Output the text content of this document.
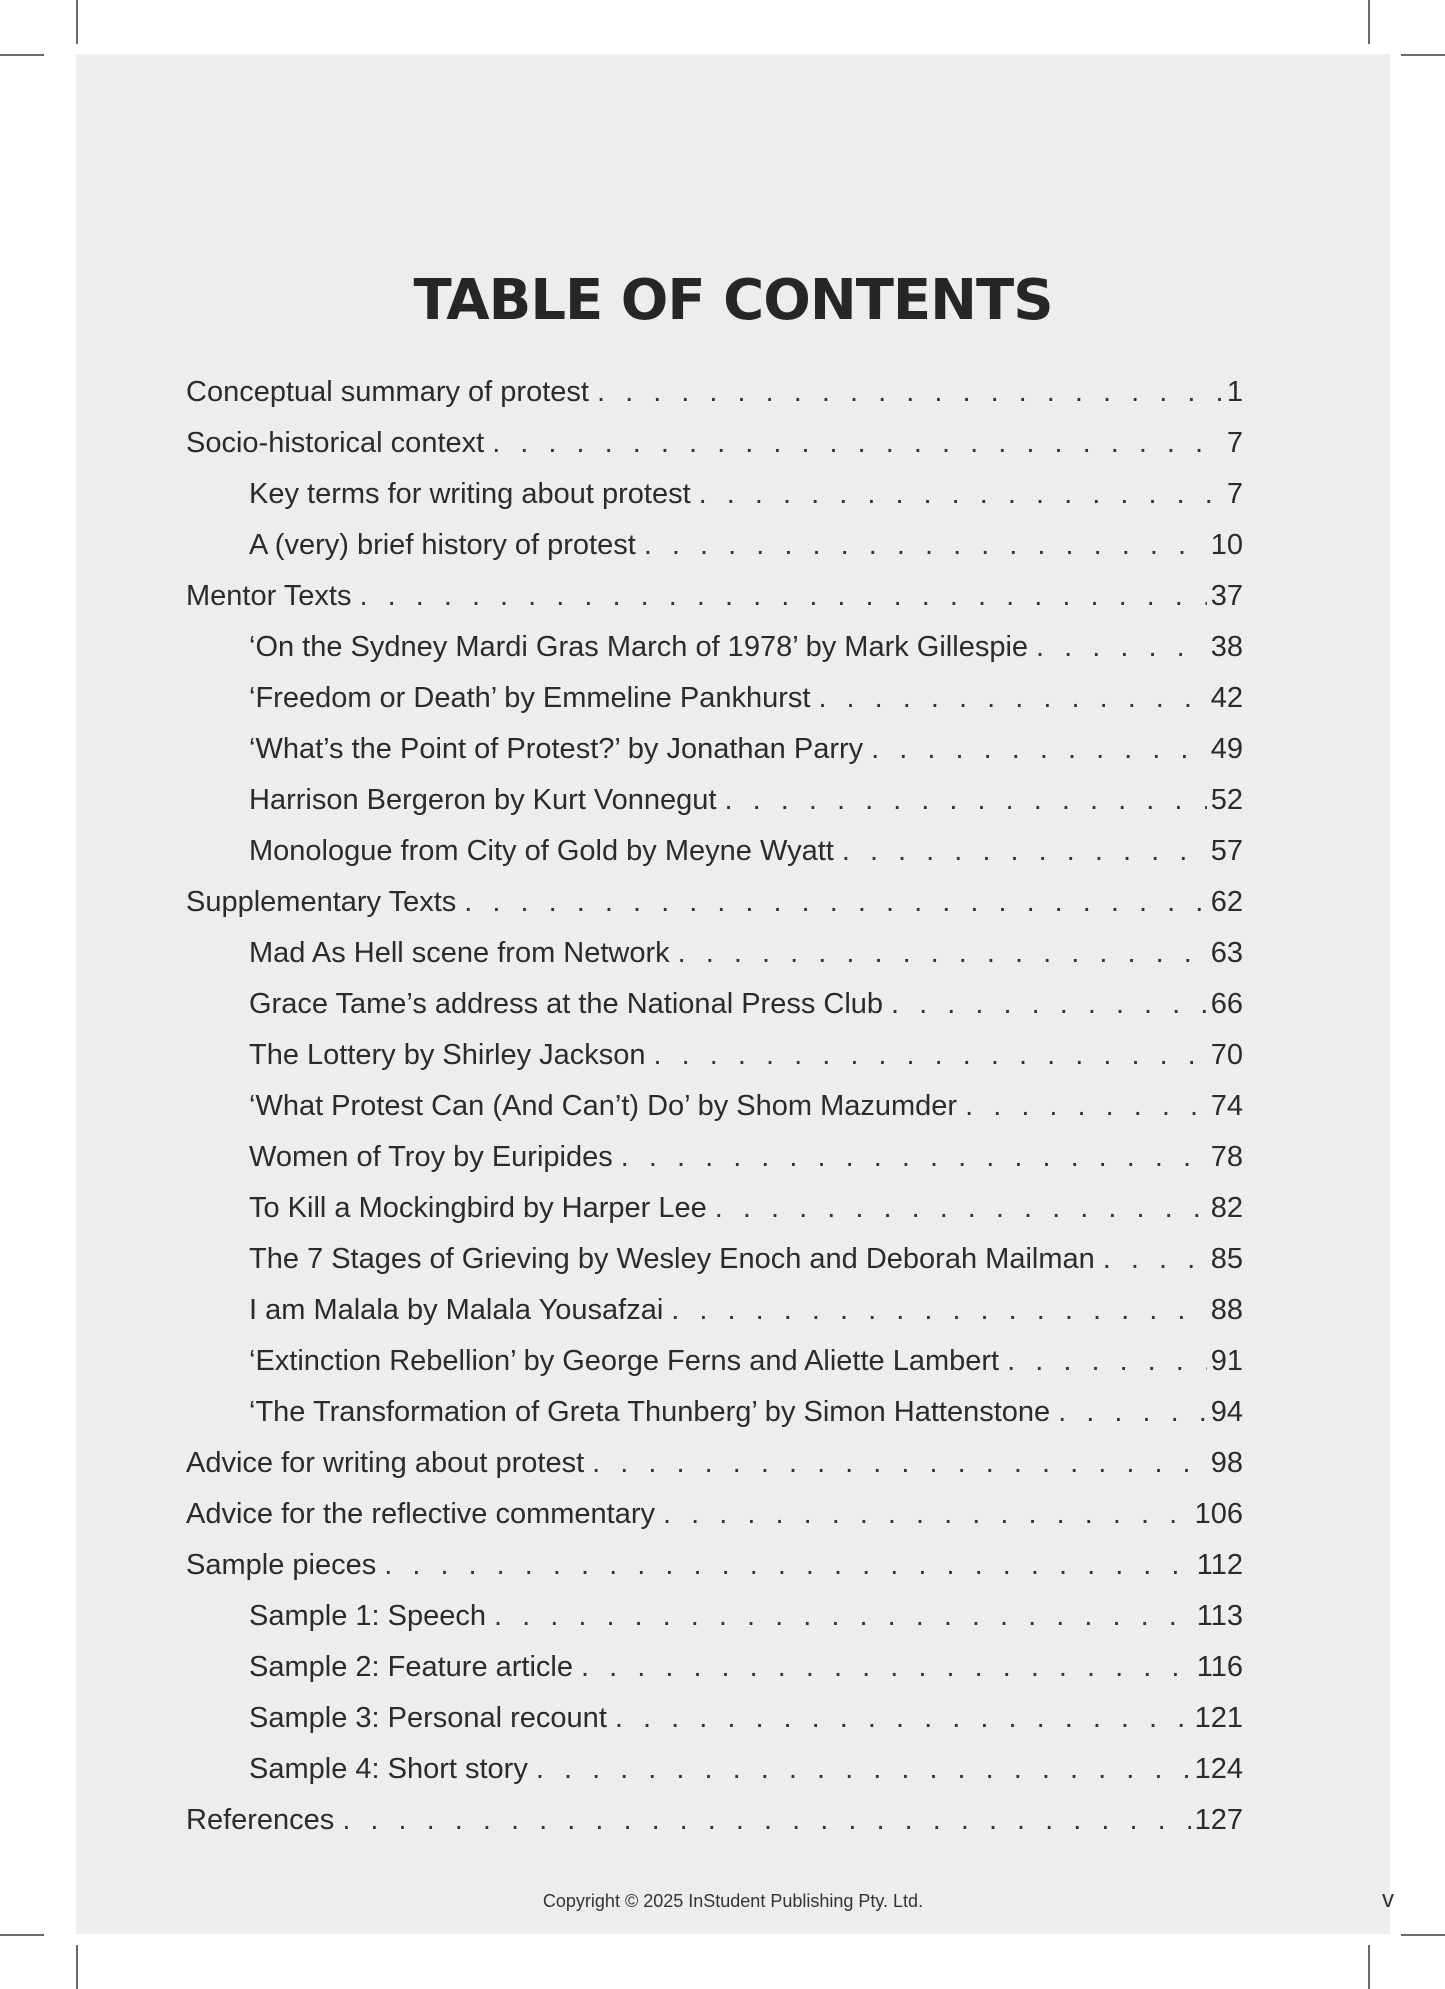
TABLE OF CONTENTS
Conceptual summary of protest . . .	1
Socio-historical context . . .	7
Key terms for writing about protest . . .	7
A (very) brief history of protest . . .	10
Mentor Texts . . .	37
‘On the Sydney Mardi Gras March of 1978’ by Mark Gillespie . . .	38
‘Freedom or Death’ by Emmeline Pankhurst . . .	42
‘What’s the Point of Protest?’ by Jonathan Parry . . .	49
Harrison Bergeron by Kurt Vonnegut . . .	52
Monologue from City of Gold by Meyne Wyatt . . .	57
Supplementary Texts . . .	62
Mad As Hell scene from Network . . .	63
Grace Tame’s address at the National Press Club . . .	66
The Lottery by Shirley Jackson . . .	70
‘What Protest Can (And Can’t) Do’ by Shom Mazumder . . .	74
Women of Troy by Euripides . . .	78
To Kill a Mockingbird by Harper Lee . . .	82
The 7 Stages of Grieving by Wesley Enoch and Deborah Mailman . . .	85
I am Malala by Malala Yousafzai . . .	88
‘Extinction Rebellion’ by George Ferns and Aliette Lambert . . .	91
‘The Transformation of Greta Thunberg’ by Simon Hattenstone . . .	94
Advice for writing about protest . . .	98
Advice for the reflective commentary . . .	106
Sample pieces . . .	112
Sample 1: Speech . . .	113
Sample 2: Feature article . . .	116
Sample 3: Personal recount . . .	121
Sample 4: Short story . . .	124
References . . .	127
Copyright © 2025 InStudent Publishing Pty. Ltd.	v
